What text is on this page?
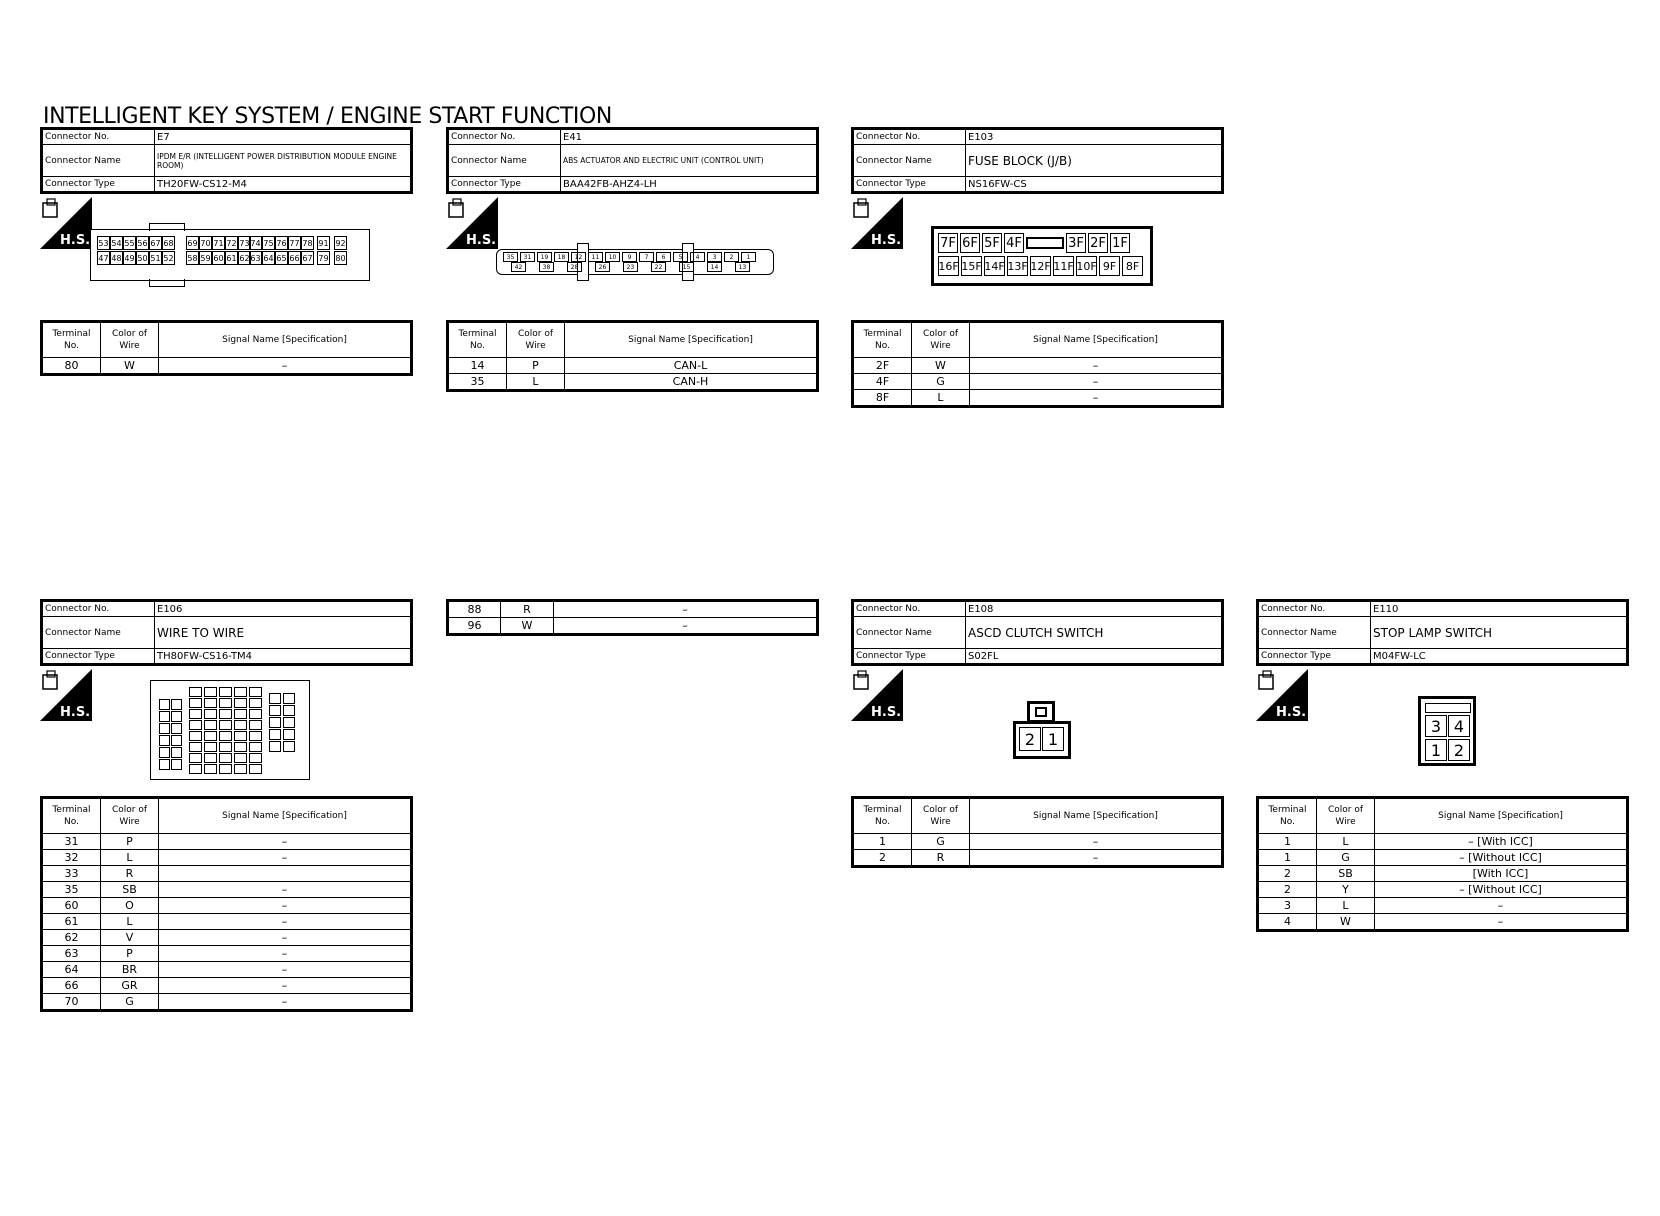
INTELLIGENT KEY SYSTEM / ENGINE START FUNCTION
Connector No.	E7
Connector Name	IPDM E/R (INTELLIGENT POWER DISTRIBUTION MODULE ENGINE ROOM)
Connector Type	TH20FW-CS12-M4
H.S. 53 54 55 56 67 68 69 70 71 72 73 74 75 76 77 78 91 92
47 48 49 50 51 52 58 59 60 61 62 63 64 65 66 67 79 80
Terminal No.	Color of Wire	Signal Name [Specification]
80	W	–
Connector No.	E41
Connector Name	ABS ACTUATOR AND ELECTRIC UNIT (CONTROL UNIT)
Connector Type	BAA42FB-AHZ4-LH
H.S.
35	31	19	18	12	11	10	9	7	6	5	4	3	2	1
42	38	28	26	23	22	15	14	13
Terminal No.	Color of Wire	Signal Name [Specification]
14	P	CAN-L
35	L	CAN-H
Connector No.	E103
Connector Name	FUSE BLOCK (J/B)
Connector Type	NS16FW-CS
H.S.	7F 6F 5F 4F	3F 2F 1F
16F 15F 14F 13F 12F 11F 10F 9F 8F
Terminal No.	Color of Wire	Signal Name [Specification]
2F	W	–
4F	G	–
8F	L	–
Connector No.	E106
Connector Name	WIRE TO WIRE
Connector Type	TH80FW-CS16-TM4
H.S.
Terminal No.	Color of Wire	Signal Name [Specification]
31	P	–
32	L	–
33	R	
35	SB	–
60	O	–
61	L	–
62	V	–
63	P	–
64	BR	–
66	GR	–
70	G	–
88	R	–
96	W	–
Connector No.	E108
Connector Name	ASCD CLUTCH SWITCH
Connector Type	S02FL
H.S.
2 1
Terminal No.	Color of Wire	Signal Name [Specification]
1	G	–
2	R	–
Connector No.	E110
Connector Name	STOP LAMP SWITCH
Connector Type	M04FW-LC
H.S.
3 4
1 2
Terminal No.	Color of Wire	Signal Name [Specification]
1	L	– [With ICC]
1	G	– [Without ICC]
2	SB	[With ICC]
2	Y	– [Without ICC]
3	L	–
4	W	–
